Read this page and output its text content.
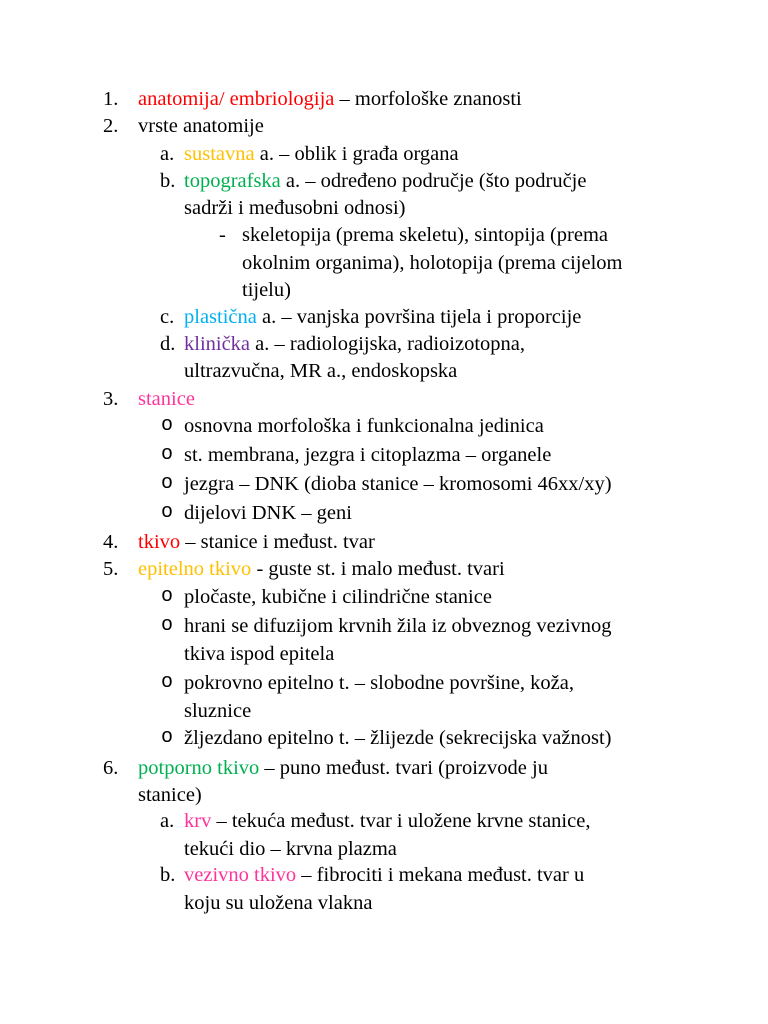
1. anatomija/ embriologija – morfološke znanosti
2. vrste anatomije
a. sustavna a. – oblik i građa organa
b. topografska a. – određeno područje (što područje
sadrži i međusobni odnosi)
- skeletopija (prema skeletu), sintopija (prema
okolnim organima), holotopija (prema cijelom
tijelu)
c. plastična a. – vanjska površina tijela i proporcije
d. klinička a. – radiologijska, radioizotopna,
ultrazvučna, MR a., endoskopska
3. stanice
o osnovna morfološka i funkcionalna jedinica
o st. membrana, jezgra i citoplazma – organele
o jezgra – DNK (dioba stanice – kromosomi 46xx/xy)
o dijelovi DNK – geni
4. tkivo – stanice i međust. tvar
5. epitelno tkivo - guste st. i malo međust. tvari
o pločaste, kubične i cilindrične stanice
o hrani se difuzijom krvnih žila iz obveznog vezivnog
tkiva ispod epitela
o pokrovno epitelno t. – slobodne površine, koža,
sluznice
o žljezdano epitelno t. – žlijezde (sekrecijska važnost)
6. potporno tkivo – puno međust. tvari (proizvode ju
stanice)
a. krv – tekuća međust. tvar i uložene krvne stanice,
tekući dio – krvna plazma
b. vezivno tkivo – fibrociti i mekana međust. tvar u
koju su uložena vlakna
